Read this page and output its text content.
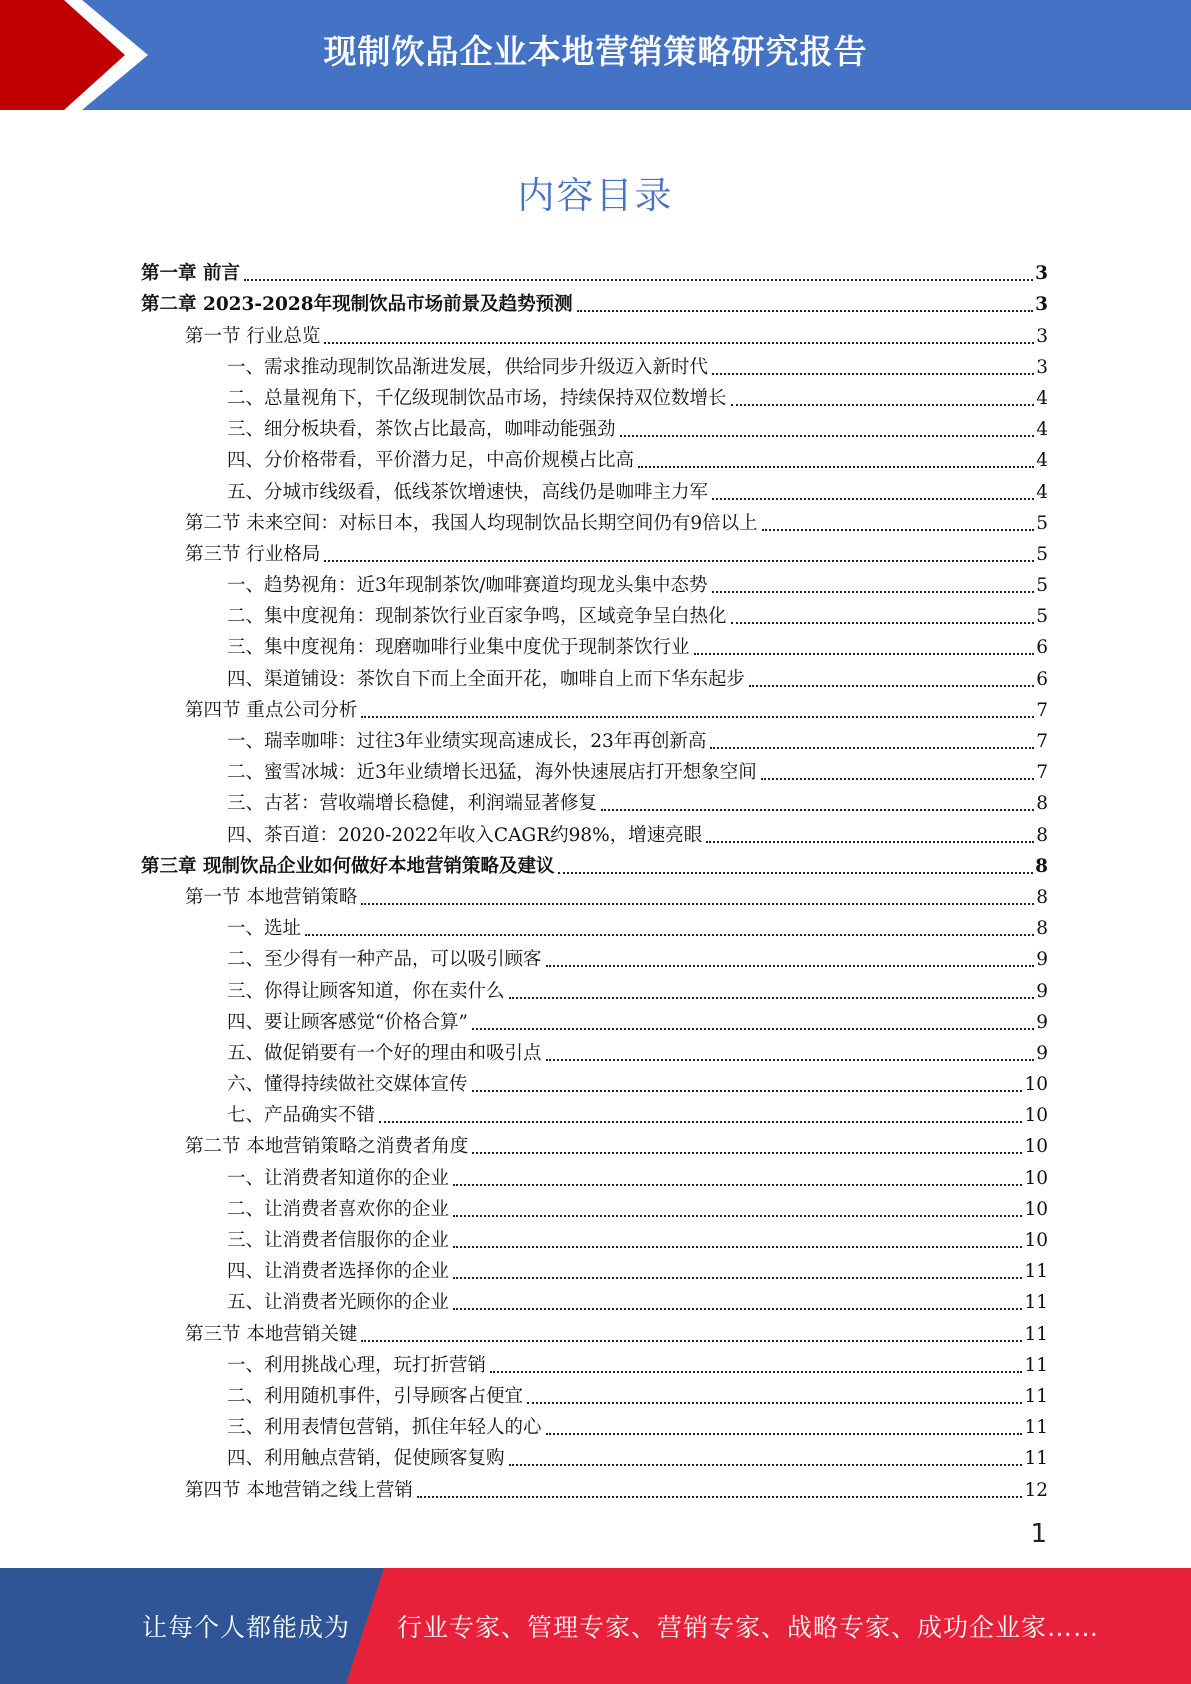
现制饮品企业本地营销策略研究报告
内容目录
第一章 前言	3
第二章 2023-2028年现制饮品市场前景及趋势预测	3
第一节 行业总览	3
一、需求推动现制饮品渐进发展，供给同步升级迈入新时代	3
二、总量视角下，千亿级现制饮品市场，持续保持双位数增长	4
三、细分板块看，茶饮占比最高，咖啡动能强劲	4
四、分价格带看，平价潜力足，中高价规模占比高	4
五、分城市线级看，低线茶饮增速快，高线仍是咖啡主力军	4
第二节 未来空间：对标日本，我国人均现制饮品长期空间仍有9倍以上	5
第三节 行业格局	5
一、趋势视角：近3年现制茶饮/咖啡赛道均现龙头集中态势	5
二、集中度视角：现制茶饮行业百家争鸣，区域竞争呈白热化	5
三、集中度视角：现磨咖啡行业集中度优于现制茶饮行业	6
四、渠道铺设：茶饮自下而上全面开花，咖啡自上而下华东起步	6
第四节 重点公司分析	7
一、瑞幸咖啡：过往3年业绩实现高速成长，23年再创新高	7
二、蜜雪冰城：近3年业绩增长迅猛，海外快速展店打开想象空间	7
三、古茗：营收端增长稳健，利润端显著修复	8
四、茶百道：2020-2022年收入CAGR约98%，增速亮眼	8
第三章 现制饮品企业如何做好本地营销策略及建议	8
第一节 本地营销策略	8
一、选址	8
二、至少得有一种产品，可以吸引顾客	9
三、你得让顾客知道，你在卖什么	9
四、要让顾客感觉“价格合算”	9
五、做促销要有一个好的理由和吸引点	9
六、懂得持续做社交媒体宣传	10
七、产品确实不错	10
第二节 本地营销策略之消费者角度	10
一、让消费者知道你的企业	10
二、让消费者喜欢你的企业	10
三、让消费者信服你的企业	10
四、让消费者选择你的企业	11
五、让消费者光顾你的企业	11
第三节 本地营销关键	11
一、利用挑战心理，玩打折营销	11
二、利用随机事件，引导顾客占便宜	11
三、利用表情包营销，抓住年轻人的心	11
四、利用触点营销，促使顾客复购	11
第四节 本地营销之线上营销	12
1
让每个人都能成为 行业专家、管理专家、营销专家、战略专家、成功企业家……
